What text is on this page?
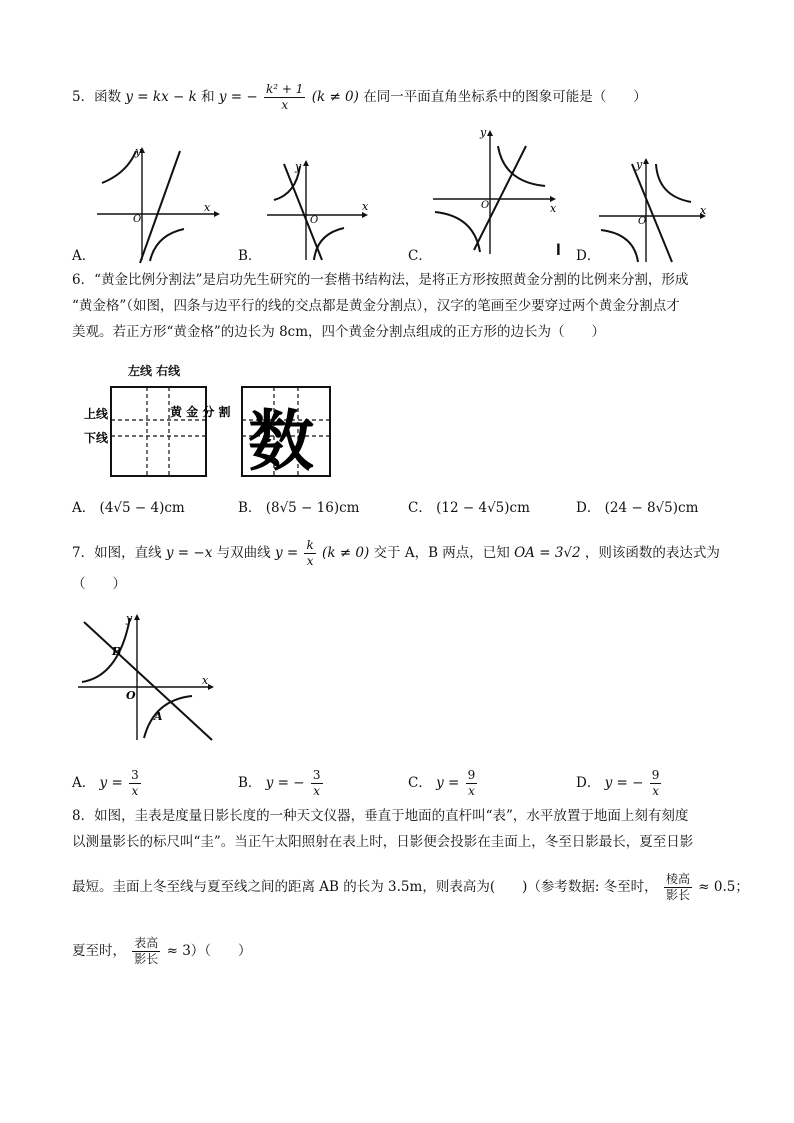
5．函数 y = kx − k 和 y = − $\frac{\text{k² + 1}}{x} (k \ne 0)$ 在同一平面直角坐标系中的图象可能是（　　）
y
x
O
A．
y
x
O
B．
y
x
O
C．	I
y
x
O
D．
6．“黄金比例分割法”是启功先生研究的一套楷书结构法，是将正方形按照黄金分割的比例来分割，形成
“黄金格”（如图，四条与边平行的线的交点都是黄金分割点），汉字的笔画至少要穿过两个黄金分割点才
美观。若正方形“黄金格”的边长为 8cm，四个黄金分割点组成的正方形的边长为（　　）
左线 右线
上线
下线
黄 金 分 割 数
A． (4√5 − 4)cm	B． (8√5 − 16)cm	C． (12 − 4√5)cm	D． (24 − 8√5)cm
7．如图，直线 y = −x 与双曲线 $y = \frac{k}{x} (k \ne 0)$ 交于 A，B 两点，已知 OA = 3√2 ，则该函数的表达式为
（　　）
y
x
O
A
B
A． $y = \frac{3}{x}$	B． y = − $\frac{3}{x}$	C． $y = \frac{9}{x}$	D． y = − $\frac{9}{x}$
8．如图，圭表是度量日影长度的一种天文仪器，垂直于地面的直杆叫“表”，水平放置于地面上刻有刻度
以测量影长的标尺叫“圭”。当正午太阳照射在表上时，日影便会投影在圭面上，冬至日影最长，夏至日影
最短。圭面上冬至线与夏至线之间的距离 AB 的长为 3.5m，则表高为(　　)（参考数据: 冬至时， $\frac{\text{棱高}}{\text{影长}} \approx 0.5$；
夏至时， $\frac{\text{表高}}{\text{影长}} \approx 3$）（　　）
